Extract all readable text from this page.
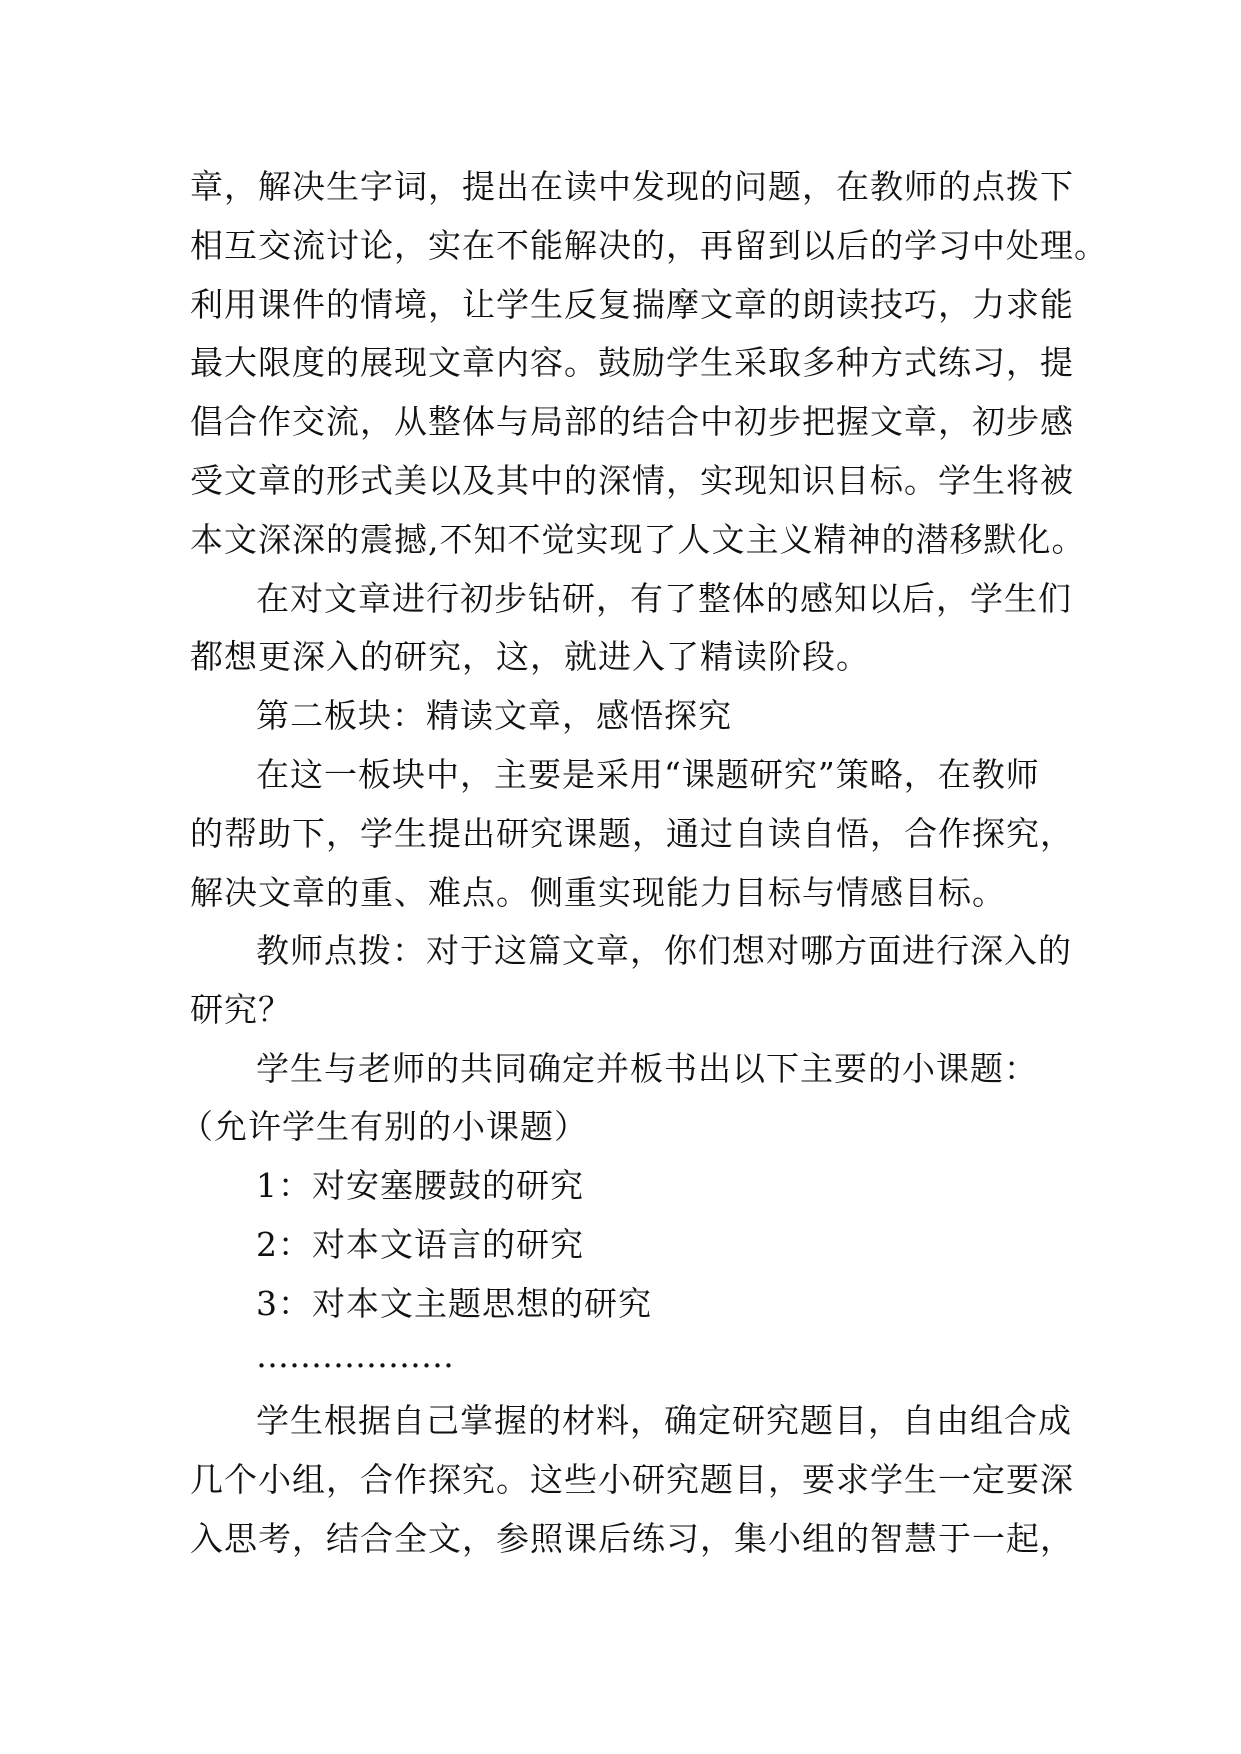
章，解决生字词，提出在读中发现的问题，在教师的点拨下
相互交流讨论，实在不能解决的，再留到以后的学习中处理。
利用课件的情境，让学生反复揣摩文章的朗读技巧，力求能
最大限度的展现文章内容。鼓励学生采取多种方式练习，提
倡合作交流，从整体与局部的结合中初步把握文章，初步感
受文章的形式美以及其中的深情，实现知识目标。学生将被
本文深深的震撼,不知不觉实现了人文主义精神的潜移默化。
在对文章进行初步钻研，有了整体的感知以后，学生们
都想更深入的研究，这，就进入了精读阶段。
第二板块：精读文章，感悟探究
在这一板块中，主要是采用“课题研究”策略，在教师
的帮助下，学生提出研究课题，通过自读自悟，合作探究，
解决文章的重、难点。侧重实现能力目标与情感目标。
教师点拨：对于这篇文章，你们想对哪方面进行深入的
研究？
学生与老师的共同确定并板书出以下主要的小课题：
（允许学生有别的小课题）
1：对安塞腰鼓的研究
2：对本文语言的研究
3：对本文主题思想的研究
………………
学生根据自己掌握的材料，确定研究题目，自由组合成
几个小组，合作探究。这些小研究题目，要求学生一定要深
入思考，结合全文，参照课后练习，集小组的智慧于一起，
